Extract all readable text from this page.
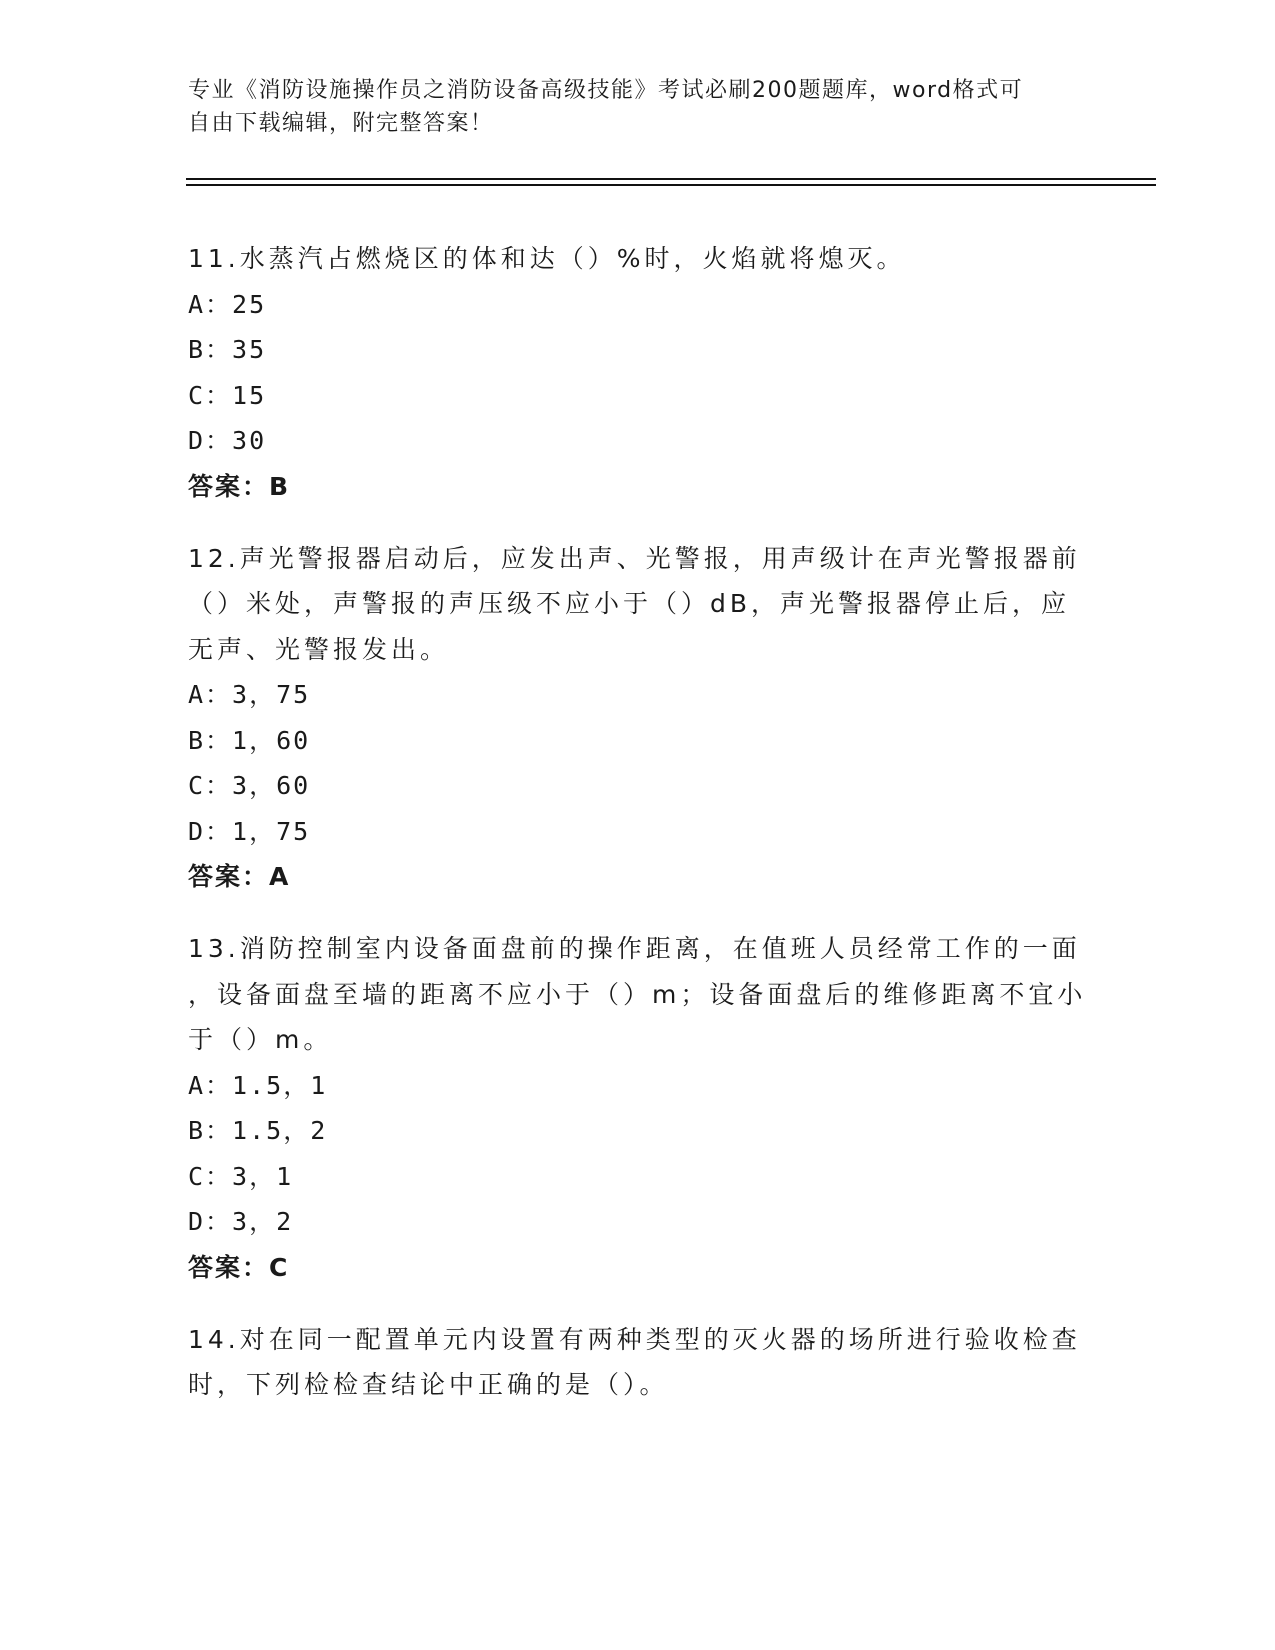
专业《消防设施操作员之消防设备高级技能》考试必刷200题题库，word格式可
自由下载编辑，附完整答案！
11.水蒸汽占燃烧区的体和达（）%时，火焰就将熄灭。
A：25
B：35
C：15
D：30
答案：B
12.声光警报器启动后，应发出声、光警报，用声级计在声光警报器前
（）米处，声警报的声压级不应小于（）dB，声光警报器停止后，应
无声、光警报发出。
A：3，75
B：1，60
C：3，60
D：1，75
答案：A
13.消防控制室内设备面盘前的操作距离，在值班人员经常工作的一面
，设备面盘至墙的距离不应小于（）m；设备面盘后的维修距离不宜小
于（）m。
A：1.5，1
B：1.5，2
C：3，1
D：3，2
答案：C
14.对在同一配置单元内设置有两种类型的灭火器的场所进行验收检查
时，下列检检查结论中正确的是（）。
